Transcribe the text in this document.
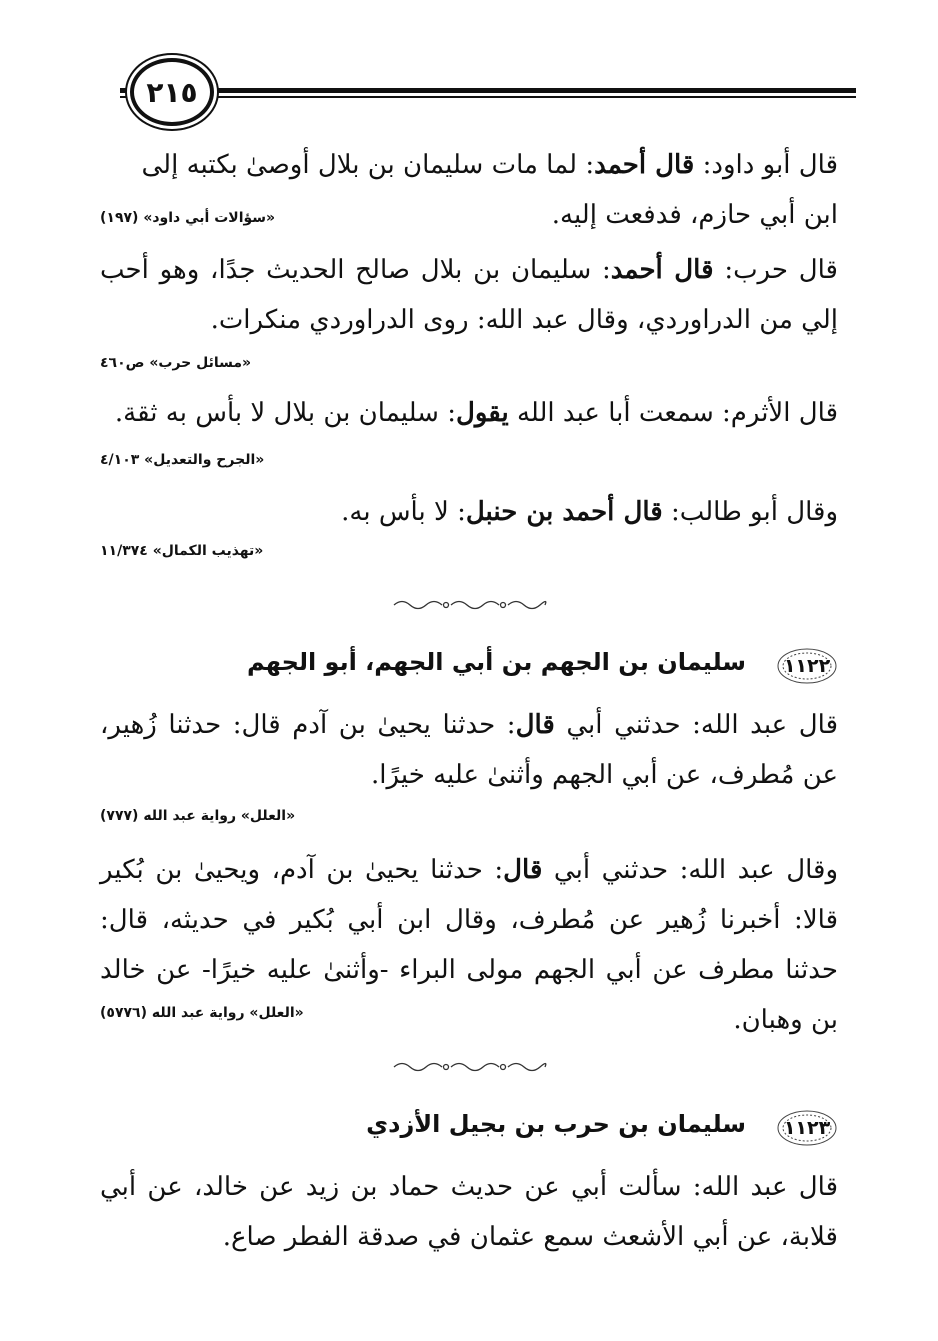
٢١٥
قال أبو داود: قال أحمد: لما مات سليمان بن بلال أوصىٰ بكتبه إلى
ابن أبي حازم، فدفعت إليه.
«سؤالات أبي داود» (١٩٧)
قال حرب: قال أحمد: سليمان بن بلال صالح الحديث جدًا، وهو أحب إلي من الدراوردي، وقال عبد الله: روى الدراوردي منكرات.
«مسائل حرب» ص٤٦٠
قال الأثرم: سمعت أبا عبد الله يقول: سليمان بن بلال لا بأس به ثقة.
«الجرح والتعديل» ٤/١٠٣
وقال أبو طالب: قال أحمد بن حنبل: لا بأس به.
«تهذيب الكمال» ١١/٣٧٤
١١٢٢
سليمان بن الجهم بن أبي الجهم، أبو الجهم
قال عبد الله: حدثني أبي قال: حدثنا يحيىٰ بن آدم قال: حدثنا زُهير، عن مُطرف، عن أبي الجهم وأثنىٰ عليه خيرًا.
«العلل» رواية عبد الله (٧٧٧)
وقال عبد الله: حدثني أبي قال: حدثنا يحيىٰ بن آدم، ويحيىٰ بن بُكير قالا: أخبرنا زُهير عن مُطرف، وقال ابن أبي بُكير في حديثه، قال: حدثنا مطرف عن أبي الجهم مولى البراء -وأثنىٰ عليه خيرًا- عن خالد بن وهبان.
«العلل» رواية عبد الله (٥٧٧٦)
١١٢٣
سليمان بن حرب بن بجيل الأزدي
قال عبد الله: سألت أبي عن حديث حماد بن زيد عن خالد، عن أبي قلابة، عن أبي الأشعث سمع عثمان في صدقة الفطر صاع.
